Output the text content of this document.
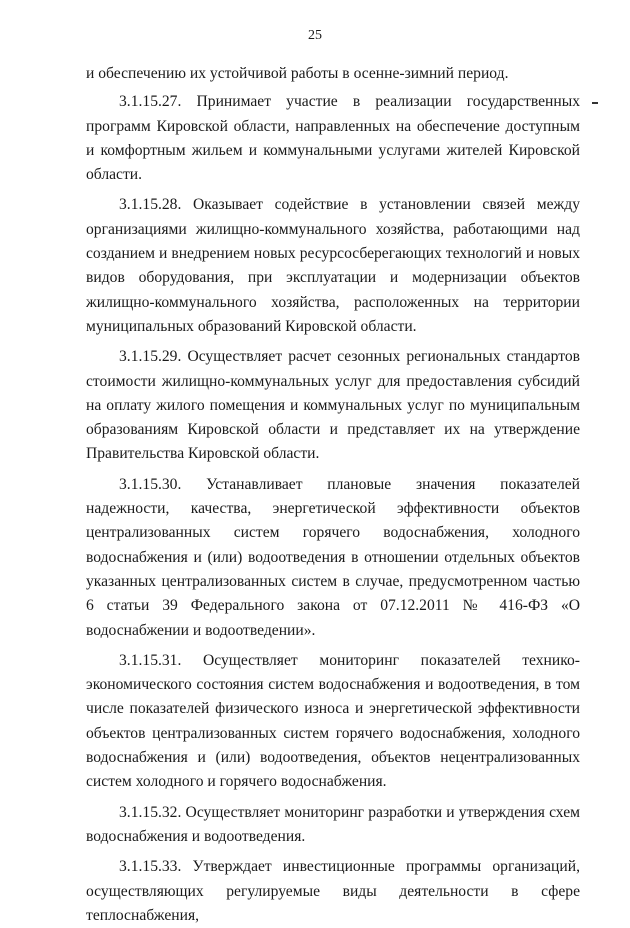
25

и обеспечению их устойчивой работы в осенне-зимний период.

3.1.15.27. Принимает участие в реализации государственных программ Кировской области, направленных на обеспечение доступным и комфортным жильем и коммунальными услугами жителей Кировской области.

3.1.15.28. Оказывает содействие в установлении связей между организациями жилищно-коммунального хозяйства, работающими над созданием и внедрением новых ресурсосберегающих технологий и новых видов оборудования, при эксплуатации и модернизации объектов жилищно-коммунального хозяйства, расположенных на территории муниципальных образований Кировской области.

3.1.15.29. Осуществляет расчет сезонных региональных стандартов стоимости жилищно-коммунальных услуг для предоставления субсидий на оплату жилого помещения и коммунальных услуг по муниципальным образованиям Кировской области и представляет их на утверждение Правительства Кировской области.

3.1.15.30. Устанавливает плановые значения показателей надежности, качества, энергетической эффективности объектов централизованных систем горячего водоснабжения, холодного водоснабжения и (или) водоотведения в отношении отдельных объектов указанных централизованных систем в случае, предусмотренном частью 6 статьи 39 Федерального закона от 07.12.2011 № 416-ФЗ «О водоснабжении и водоотведении».

3.1.15.31. Осуществляет мониторинг показателей технико-экономического состояния систем водоснабжения и водоотведения, в том числе показателей физического износа и энергетической эффективности объектов централизованных систем горячего водоснабжения, холодного водоснабжения и (или) водоотведения, объектов нецентрализованных систем холодного и горячего водоснабжения.

3.1.15.32. Осуществляет мониторинг разработки и утверждения схем водоснабжения и водоотведения.

3.1.15.33. Утверждает инвестиционные программы организаций, осуществляющих регулируемые виды деятельности в сфере теплоснабжения,
